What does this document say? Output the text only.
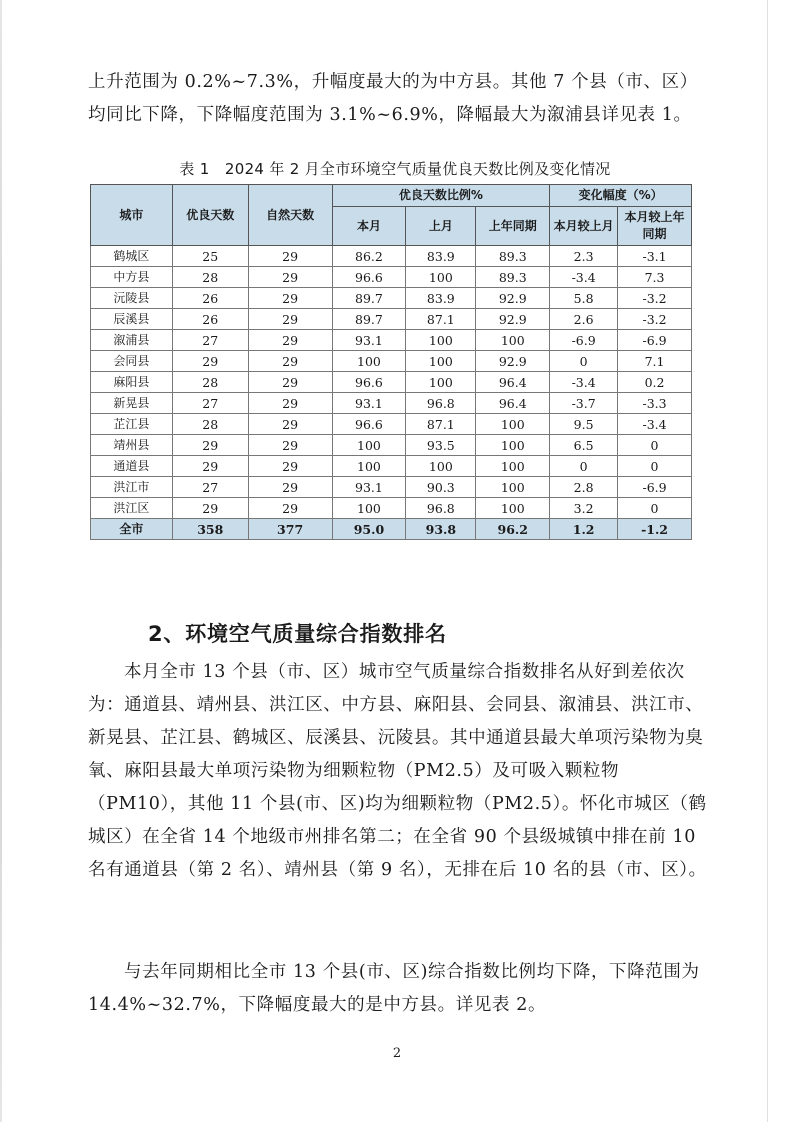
上升范围为 0.2%~7.3%，升幅度最大的为中方县。其他 7 个县（市、区）均同比下降，下降幅度范围为 3.1%~6.9%，降幅最大为溆浦县详见表 1。

表 1　2024 年 2 月全市环境空气质量优良天数比例及变化情况
城市	优良天数	自然天数	优良天数比例%			变化幅度（%）	
			本月	上月	上年同期	本月较上月	本月较上年同期
鹤城区	25	29	86.2	83.9	89.3	2.3	-3.1
中方县	28	29	96.6	100	89.3	-3.4	7.3
沅陵县	26	29	89.7	83.9	92.9	5.8	-3.2
辰溪县	26	29	89.7	87.1	92.9	2.6	-3.2
溆浦县	27	29	93.1	100	100	-6.9	-6.9
会同县	29	29	100	100	92.9	0	7.1
麻阳县	28	29	96.6	100	96.4	-3.4	0.2
新晃县	27	29	93.1	96.8	96.4	-3.7	-3.3
芷江县	28	29	96.6	87.1	100	9.5	-3.4
靖州县	29	29	100	93.5	100	6.5	0
通道县	29	29	100	100	100	0	0
洪江市	27	29	93.1	90.3	100	2.8	-6.9
洪江区	29	29	100	96.8	100	3.2	0
全市	358	377	95.0	93.8	96.2	1.2	-1.2
2、环境空气质量综合指数排名

本月全市 13 个县（市、区）城市空气质量综合指数排名从好到差依次为：通道县、靖州县、洪江区、中方县、麻阳县、会同县、溆浦县、洪江市、新晃县、芷江县、鹤城区、辰溪县、沅陵县。其中通道县最大单项污染物为臭氧、麻阳县最大单项污染物为细颗粒物（PM2.5）及可吸入颗粒物（PM10），其他 11 个县(市、区)均为细颗粒物（PM2.5）。怀化市城区（鹤城区）在全省 14 个地级市州排名第二；在全省 90 个县级城镇中排在前 10 名有通道县（第 2 名）、靖州县（第 9 名），无排在后 10 名的县（市、区）。

与去年同期相比全市 13 个县(市、区)综合指数比例均下降，下降范围为 14.4%~32.7%，下降幅度最大的是中方县。详见表 2。

2
